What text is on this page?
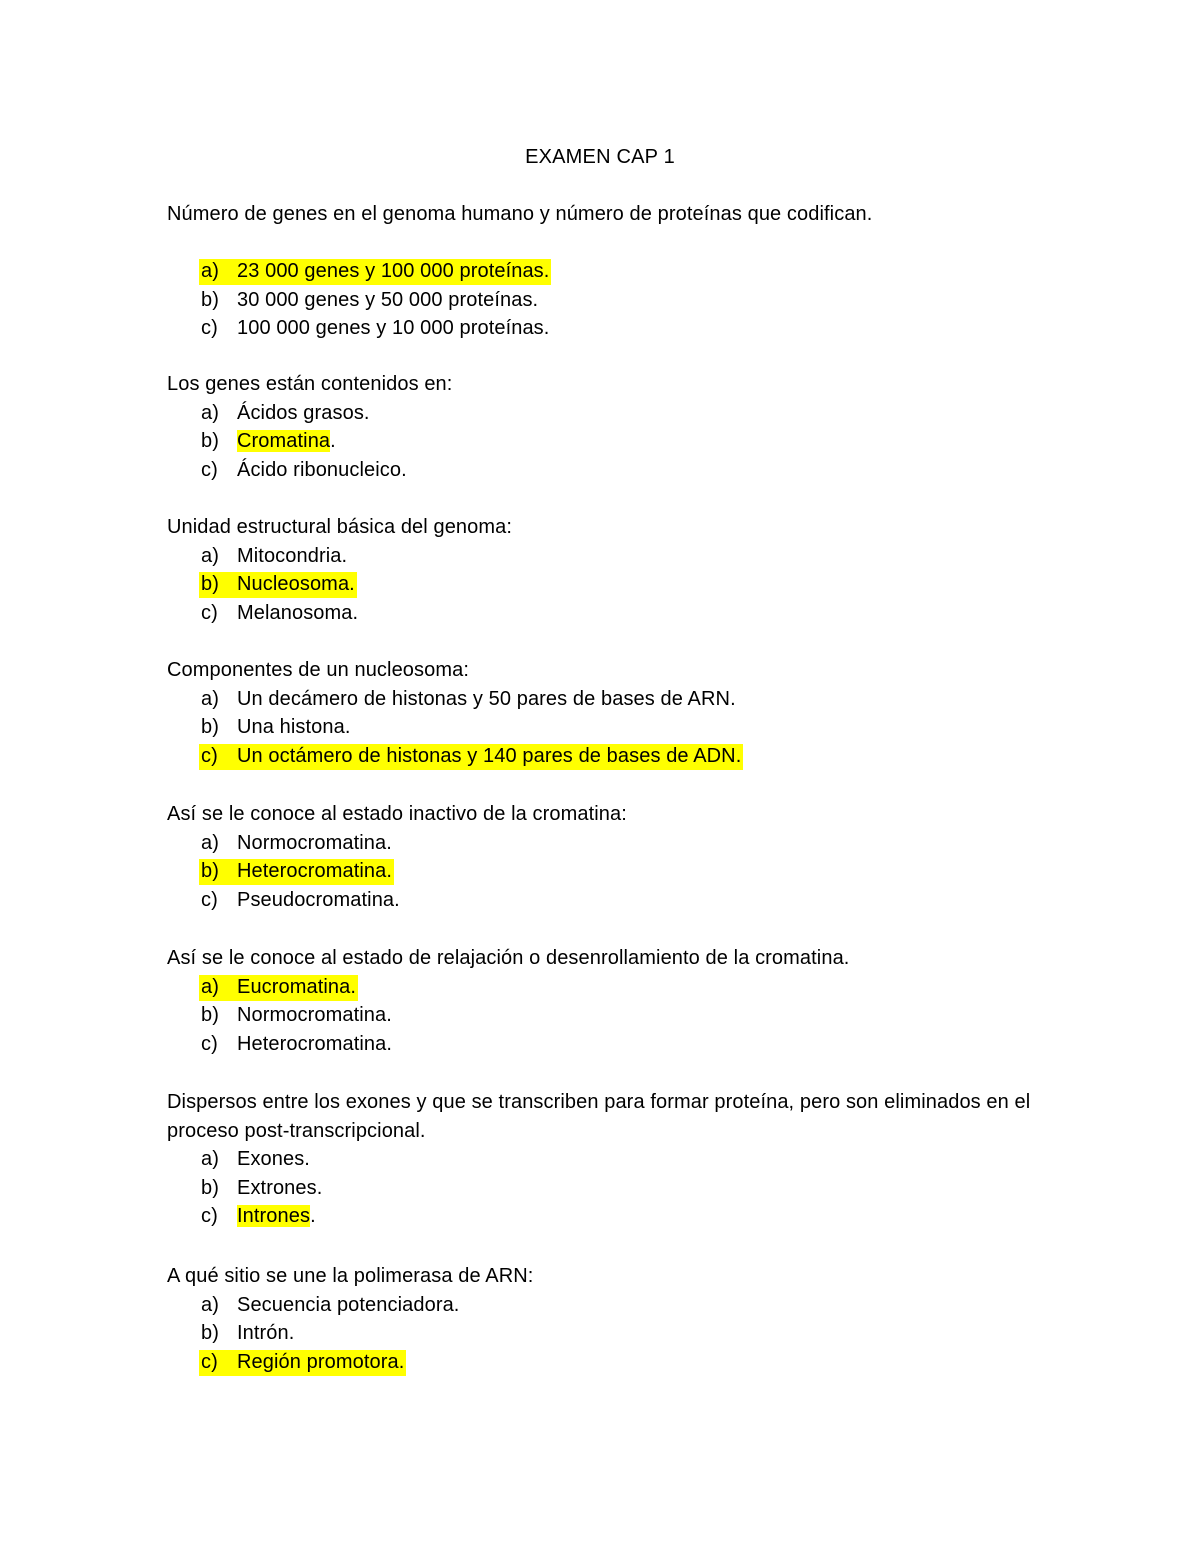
EXAMEN CAP 1

Número de genes en el genoma humano y número de proteínas que codifican.

a) 23 000 genes y 100 000 proteínas.
b) 30 000 genes y 50 000 proteínas.
c) 100 000 genes y 10 000 proteínas.

Los genes están contenidos en:

a) Ácidos grasos.
b) Cromatina.
c) Ácido ribonucleico.

Unidad estructural básica del genoma:

a) Mitocondria.
b) Nucleosoma.
c) Melanosoma.

Componentes de un nucleosoma:

a) Un decámero de histonas y 50 pares de bases de ARN.
b) Una histona.
c) Un octámero de histonas y 140 pares de bases de ADN.

Así se le conoce al estado inactivo de la cromatina:

a) Normocromatina.
b) Heterocromatina.
c) Pseudocromatina.

Así se le conoce al estado de relajación o desenrollamiento de la cromatina.

a) Eucromatina.
b) Normocromatina.
c) Heterocromatina.

Dispersos entre los exones y que se transcriben para formar proteína, pero son eliminados en el proceso post-transcripcional.

a) Exones.
b) Extrones.
c) Intrones.

A qué sitio se une la polimerasa de ARN:

a) Secuencia potenciadora.
b) Intrón.
c) Región promotora.
